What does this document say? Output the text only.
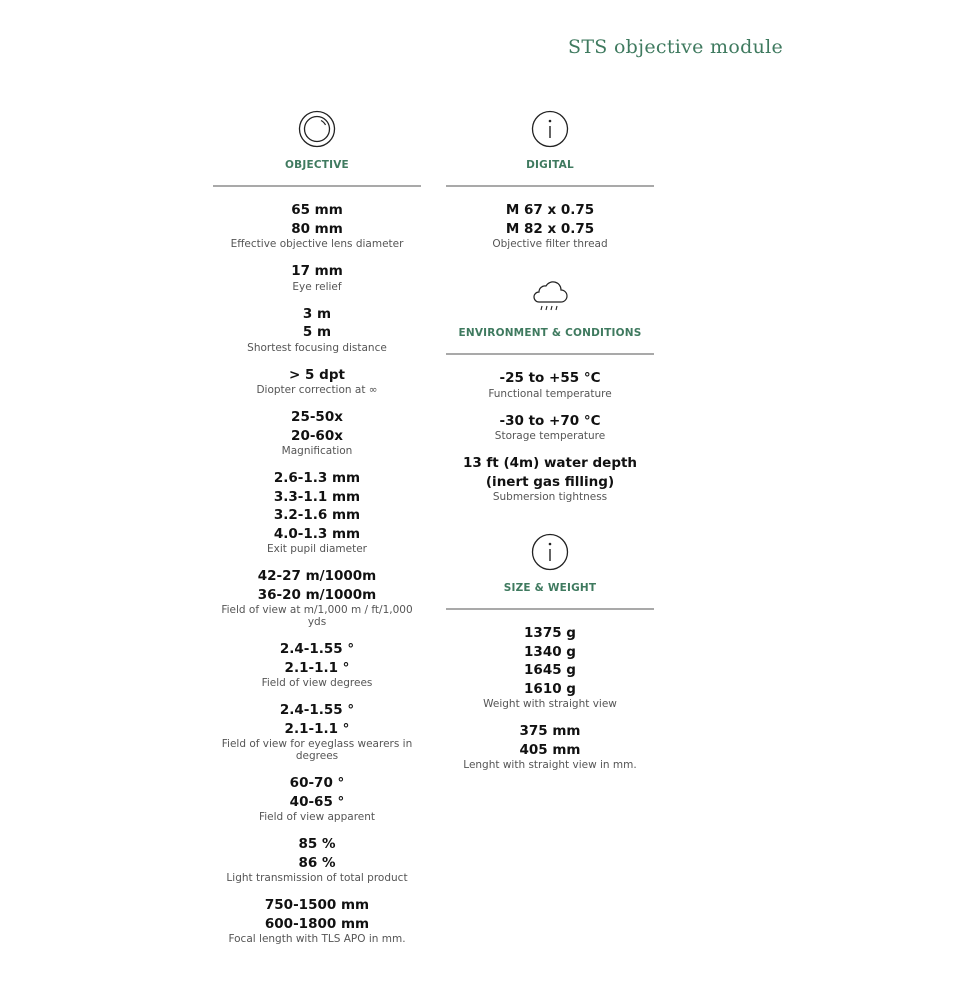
STS objective module
OBJECTIVE
65 mm
80 mm
Effective objective lens diameter
17 mm
Eye relief
3 m
5 m
Shortest focusing distance
> 5 dpt
Diopter correction at ∞
25-50x
20-60x
Magnification
2.6-1.3 mm
3.3-1.1 mm
3.2-1.6 mm
4.0-1.3 mm
Exit pupil diameter
42-27 m/1000m
36-20 m/1000m
Field of view at m/1,000 m / ft/1,000 yds
2.4-1.55 °
2.1-1.1 °
Field of view degrees
2.4-1.55 °
2.1-1.1 °
Field of view for eyeglass wearers in degrees
60-70 °
40-65 °
Field of view apparent
85 %
86 %
Light transmission of total product
750-1500 mm
600-1800 mm
Focal length with TLS APO in mm.
DIGITAL
M 67 x 0.75
M 82 x 0.75
Objective filter thread
ENVIRONMENT & CONDITIONS
-25 to +55 °C
Functional temperature
-30 to +70 °C
Storage temperature
13 ft (4m) water depth (inert gas filling)
Submersion tightness
SIZE & WEIGHT
1375 g
1340 g
1645 g
1610 g
Weight with straight view
375 mm
405 mm
Lenght with straight view in mm.
